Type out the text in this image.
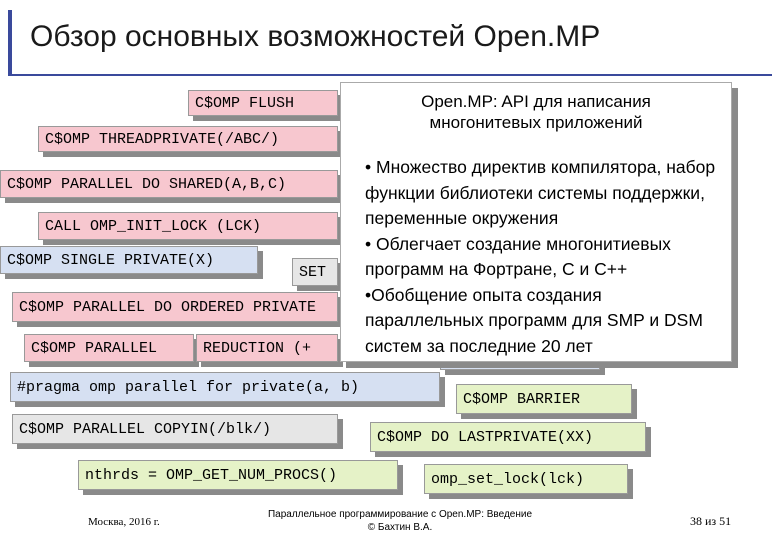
Обзор основных возможностей Open.MP
C$OMP FLUSH
C$OMP THREADPRIVATE(/ABC/)
C$OMP PARALLEL DO SHARED(A,B,C)
CALL OMP_INIT_LOCK (LCK)
C$OMP SINGLE PRIVATE(X)
SET
C$OMP PARALLEL DO ORDERED PRIVATE
C$OMP PARALLEL	REDUCTION (+
#pragma omp parallel for private(a, b)
C$OMP BARRIER
C$OMP PARALLEL COPYIN(/blk/)	C$OMP DO LASTPRIVATE(XX)
nthrds = OMP_GET_NUM_PROCS()	omp_set_lock(lck)
Open.MP: API для написания
многонитевых приложений
• Множество директив компилятора, набор функции библиотеки системы поддержки, переменные окружения
• Облегчает создание многонитиевых программ на Фортране, С и С++
•Обобщение опыта создания параллельных программ для SMP и DSM систем за последние 20 лет
Москва, 2016 г.
Параллельное программирование с Open.MP: Введение
© Бахтин В.А.	38 из 51
